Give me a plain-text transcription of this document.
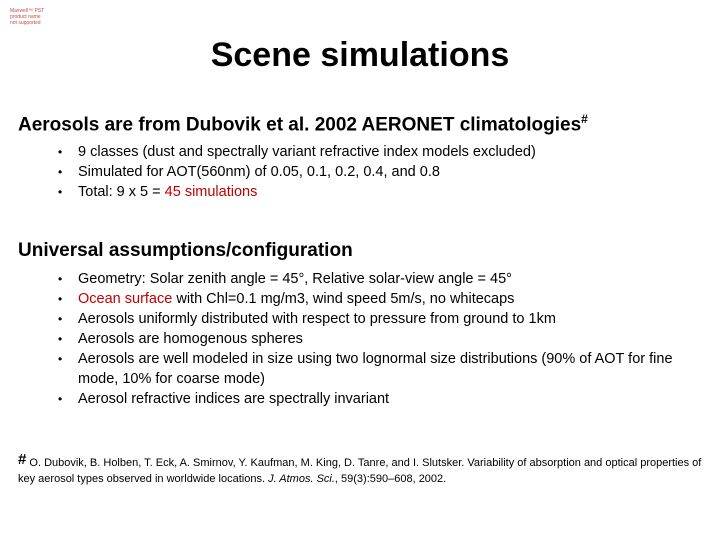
Maxwell™ PST
product name
not supported
Scene simulations
Aerosols are from Dubovik et al. 2002 AERONET climatologies#
•	9 classes (dust and spectrally variant refractive index models excluded)
•	Simulated for AOT(560nm) of 0.05, 0.1, 0.2, 0.4, and 0.8
•	Total: 9 x 5 = 45 simulations
Universal assumptions/configuration
•	Geometry: Solar zenith angle = 45°, Relative solar-view angle = 45°
•	Ocean surface with Chl=0.1 mg/m3, wind speed 5m/s, no whitecaps
•	Aerosols uniformly distributed with respect to pressure from ground to 1km
•	Aerosols are homogenous spheres
•	Aerosols are well modeled in size using two lognormal size distributions (90% of AOT for fine mode, 10% for coarse mode)
•	Aerosol refractive indices are spectrally invariant

# O. Dubovik, B. Holben, T. Eck, A. Smirnov, Y. Kaufman, M. King, D. Tanre, and I. Slutsker. Variability of absorption and optical properties of key aerosol types observed in worldwide locations. J. Atmos. Sci., 59(3):590–608, 2002.
